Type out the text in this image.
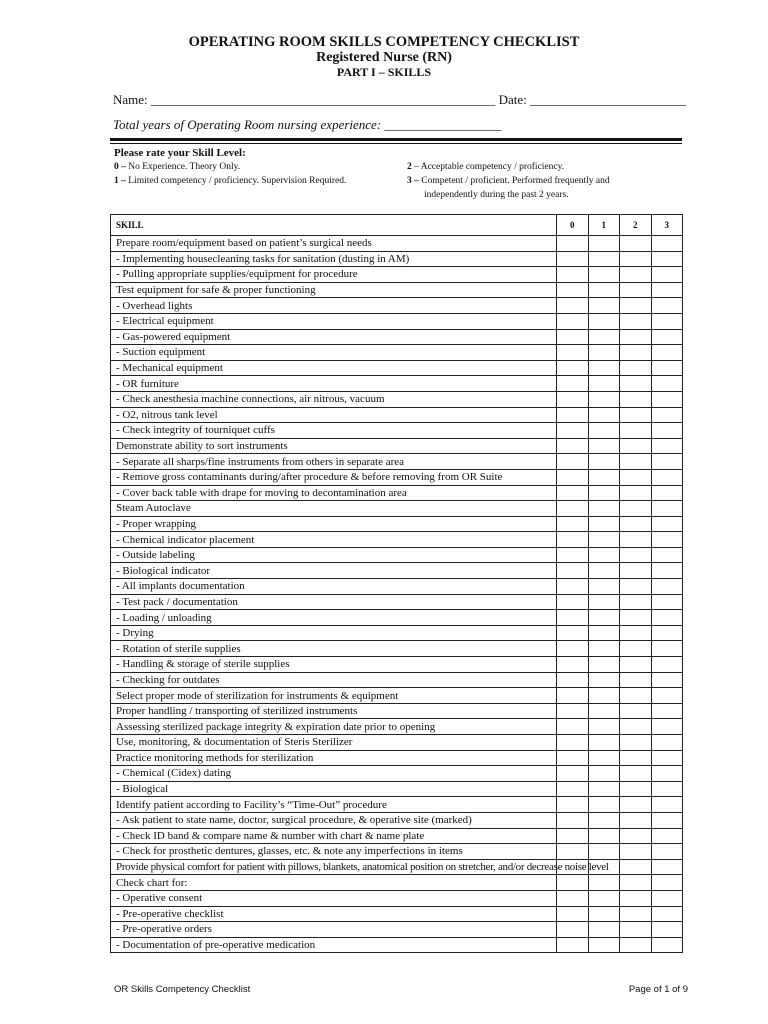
OPERATING ROOM SKILLS COMPETENCY CHECKLIST
Registered Nurse (RN)
PART I – SKILLS
Name: _____________________________________________________ Date: ________________________
Total years of Operating Room nursing experience: __________________
Please rate your Skill Level:
0 – No Experience. Theory Only.
1 – Limited competency / proficiency. Supervision Required.
2 – Acceptable competency / proficiency.
3 – Competent / proficient. Performed frequently and
independently during the past 2 years.
SKILL	0	1	2	3
Prepare room/equipment based on patient’s surgical needs				
- Implementing housecleaning tasks for sanitation (dusting in AM)				
- Pulling appropriate supplies/equipment for procedure				
Test equipment for safe & proper functioning				
- Overhead lights				
- Electrical equipment				
- Gas-powered equipment				
- Suction equipment				
- Mechanical equipment				
- OR furniture				
- Check anesthesia machine connections, air nitrous, vacuum				
- O2, nitrous tank level				
- Check integrity of tourniquet cuffs				
Demonstrate ability to sort instruments				
- Separate all sharps/fine instruments from others in separate area				
- Remove gross contaminants during/after procedure & before removing from OR Suite				
- Cover back table with drape for moving to decontamination area				
Steam Autoclave				
- Proper wrapping				
- Chemical indicator placement				
- Outside labeling				
- Biological indicator				
- All implants documentation				
- Test pack / documentation				
- Loading / unloading				
- Drying				
- Rotation of sterile supplies				
- Handling & storage of sterile supplies				
- Checking for outdates				
Select proper mode of sterilization for instruments & equipment				
Proper handling / transporting of sterilized instruments				
Assessing sterilized package integrity & expiration date prior to opening				
Use, monitoring, & documentation of Steris Sterilizer				
Practice monitoring methods for sterilization				
- Chemical (Cidex) dating				
- Biological				
Identify patient according to Facility’s “Time-Out” procedure				
- Ask patient to state name, doctor, surgical procedure, & operative site (marked)				
- Check ID band & compare name & number with chart & name plate				
- Check for prosthetic dentures, glasses, etc. & note any imperfections in items				
Provide physical comfort for patient with pillows, blankets, anatomical position on stretcher, and/or decrease noise level				
Check chart for:				
- Operative consent				
- Pre-operative checklist				
- Pre-operative orders				
- Documentation of pre-operative medication				
OR Skills Competency Checklist	Page of 1 of 9
